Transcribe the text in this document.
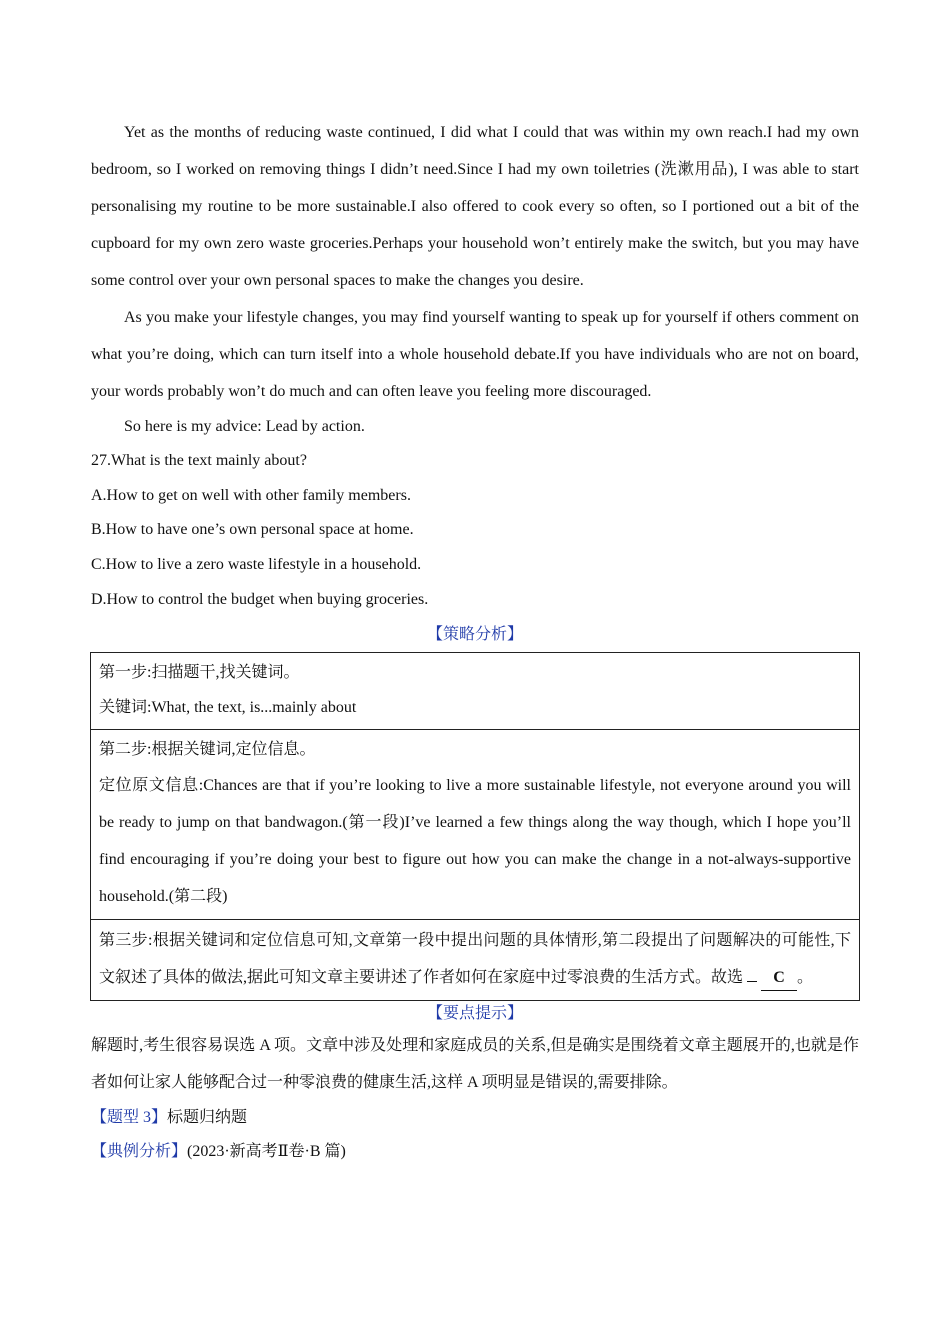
Yet as the months of reducing waste continued, I did what I could that was within my own reach.I had my own bedroom, so I worked on removing things I didn’t need.Since I had my own toiletries (洗漱用品), I was able to start personalising my routine to be more sustainable.I also offered to cook every so often, so I portioned out a bit of the cupboard for my own zero waste groceries.Perhaps your household won’t entirely make the switch, but you may have some control over your own personal spaces to make the changes you desire.

As you make your lifestyle changes, you may find yourself wanting to speak up for yourself if others comment on what you’re doing, which can turn itself into a whole household debate.If you have individuals who are not on board, your words probably won’t do much and can often leave you feeling more discouraged.

So here is my advice: Lead by action.

27.What is the text mainly about?

A.How to get on well with other family members.

B.How to have one’s own personal space at home.

C.How to live a zero waste lifestyle in a household.

D.How to control the budget when buying groceries.

【策略分析】

第一步:扫描题干,找关键词。

关键词:What, the text, is...mainly about

第二步:根据关键词,定位信息。

定位原文信息:Chances are that if you’re looking to live a more sustainable lifestyle, not everyone around you will be ready to jump on that bandwagon.(第一段)I’ve learned a few things along the way though, which I hope you’ll find encouraging if you’re doing your best to figure out how you can make the change in a not-always-supportive household.(第二段)

第三步:根据关键词和定位信息可知,文章第一段中提出问题的具体情形,第二段提出了问题解决的可能性,下文叙述了具体的做法,据此可知文章主要讲述了作者如何在家庭中过零浪费的生活方式。故选 C 。

【要点提示】

解题时,考生很容易误选 A 项。文章中涉及处理和家庭成员的关系,但是确实是围绕着文章主题展开的,也就是作者如何让家人能够配合过一种零浪费的健康生活,这样 A 项明显是错误的,需要排除。

【题型 3】标题归纳题

【典例分析】(2023·新高考Ⅱ卷·B 篇)
